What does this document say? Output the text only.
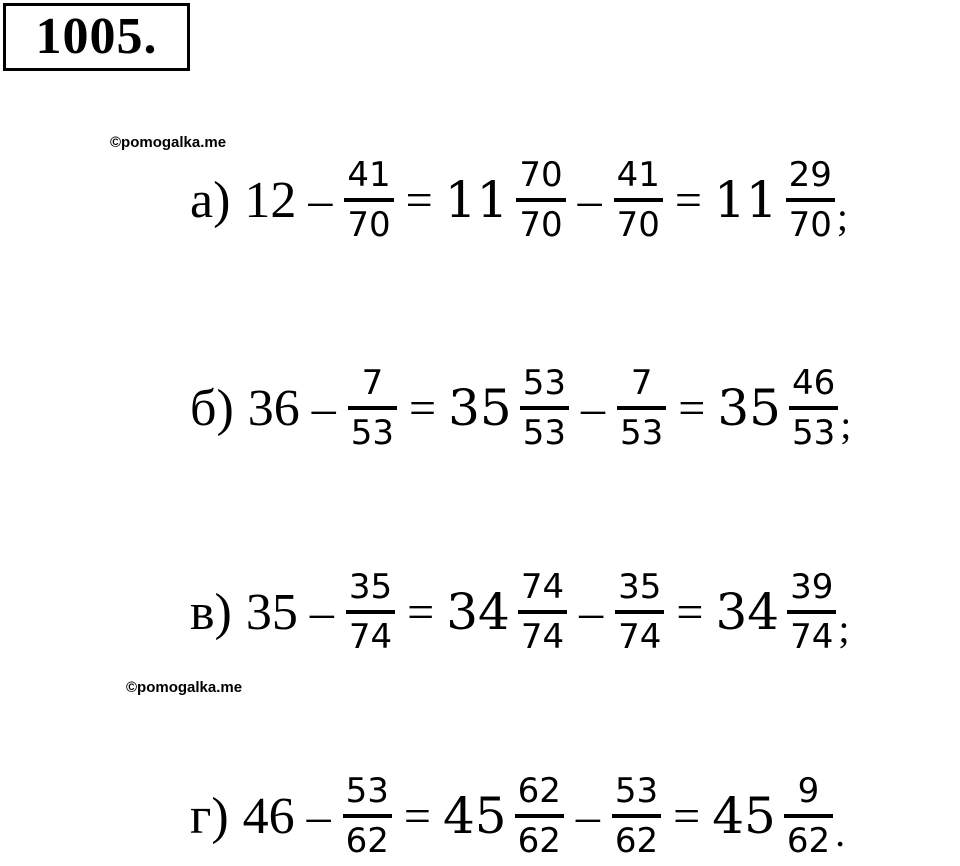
1005.
©pomogalka.me
©pomogalka.me
а) $12 - \frac{41}{70} = 11 \frac{70}{70} - \frac{41}{70} = 11 \frac{29}{70}$ ;
б) $36 - \frac{7}{53} = 35 \frac{53}{53} - \frac{7}{53} = 35 \frac{46}{53}$ ;
в) $35 - \frac{35}{74} = 34 \frac{74}{74} - \frac{35}{74} = 34 \frac{39}{74}$ ;
г) $46 - \frac{53}{62} = 45 \frac{62}{62} - \frac{53}{62} = 45 \frac{9}{62}$ .
